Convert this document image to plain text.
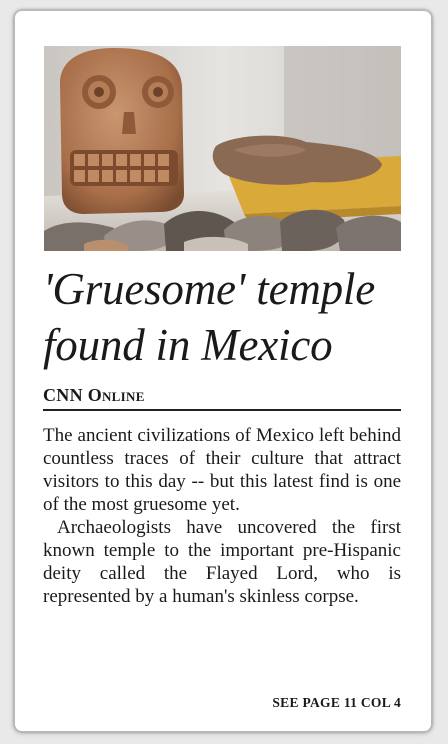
'Gruesome' temple
found in Mexico
CNN Online

The ancient civilizations of Mexico left behind countless traces of their culture that attract visitors to this day -- but this latest find is one of the most gruesome yet.

Archaeologists have uncovered the first known temple to the important pre-Hispanic deity called the Flayed Lord, who is represented by a human's skinless corpse.

SEE PAGE 11 COL 4
